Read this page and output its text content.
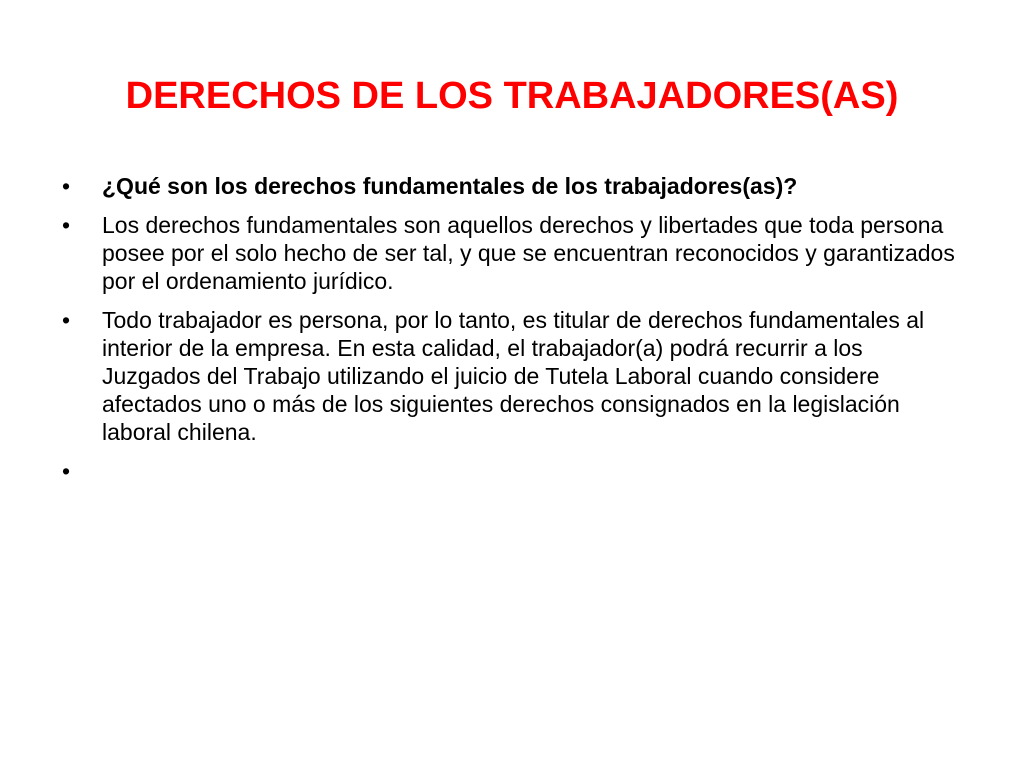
DERECHOS DE LOS TRABAJADORES(AS)
• ¿Qué son los derechos fundamentales de los trabajadores(as)?
• Los derechos fundamentales son aquellos derechos y libertades que toda persona posee por el solo hecho de ser tal, y que se encuentran reconocidos y garantizados por el ordenamiento jurídico.
• Todo trabajador es persona, por lo tanto, es titular de derechos fundamentales al interior de la empresa. En esta calidad, el trabajador(a) podrá recurrir a los Juzgados del Trabajo utilizando el juicio de Tutela Laboral cuando considere afectados uno o más de los siguientes derechos consignados en la legislación laboral chilena.
•
